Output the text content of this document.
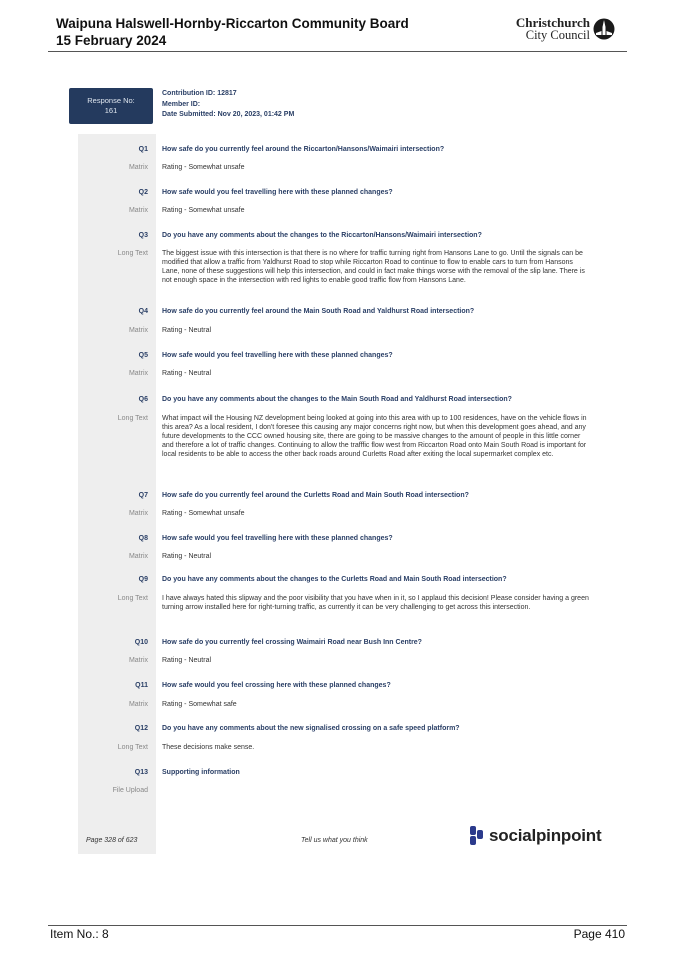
Waipuna Halswell-Hornby-Riccarton Community Board
15 February 2024
Christchurch
City Council
Response No:
161
Contribution ID: 12817
Member ID:
Date Submitted: Nov 20, 2023, 01:42 PM
Q1 How safe do you currently feel around the Riccarton/Hansons/Waimairi intersection?
Matrix Rating - Somewhat unsafe
Q2 How safe would you feel travelling here with these planned changes?
Matrix Rating - Somewhat unsafe
Q3 Do you have any comments about the changes to the Riccarton/Hansons/Waimairi intersection?
Long Text The biggest issue with this intersection is that there is no where for traffic turning right from Hansons Lane to go. Until the signals can be modified that allow a traffic from Yaldhurst Road to stop while Riccarton Road to continue to flow to enable cars to turn from Hansons Lane, none of these suggestions will help this intersection, and could in fact make things worse with the removal of the slip lane. There is not enough space in the intersection with red lights to enable good traffic flow from Hansons Lane.
Q4 How safe do you currently feel around the Main South Road and Yaldhurst Road intersection?
Matrix Rating - Neutral
Q5 How safe would you feel travelling here with these planned changes?
Matrix Rating - Neutral
Q6 Do you have any comments about the changes to the Main South Road and Yaldhurst Road intersection?
Long Text What impact will the Housing NZ development being looked at going into this area with up to 100 residences, have on the vehicle flows in this area? As a local resident, I don't foresee this causing any major concerns right now, but when this development goes ahead, and any future developments to the CCC owned housing site, there are going to be massive changes to the amount of people in this little corner and therefore a lot of traffic changes. Continuing to allow the trafffic flow west from Riccarton Road onto Main South Road is important for local residents to be able to access the other back roads around Curletts Road after exiting the local supermarket complex etc.
Q7 How safe do you currently feel around the Curletts Road and Main South Road intersection?
Matrix Rating - Somewhat unsafe
Q8 How safe would you feel travelling here with these planned changes?
Matrix Rating - Neutral
Q9 Do you have any comments about the changes to the Curletts Road and Main South Road intersection?
Long Text I have always hated this slipway and the poor visibility that you have when in it, so I applaud this decision! Please consider having a green turning arrow installed here for right-turning traffic, as currently it can be very challenging to get across this intersection.
Q10 How safe do you currently feel crossing Waimairi Road near Bush Inn Centre?
Matrix Rating - Neutral
Q11 How safe would you feel crossing here with these planned changes?
Matrix Rating - Somewhat safe
Q12 Do you have any comments about the new signalised crossing on a safe speed platform?
Long Text These decisions make sense.
Q13 Supporting information
File Upload
Page 328 of 623	Tell us what you think	socialpinpoint
Item No.: 8	Page 410
